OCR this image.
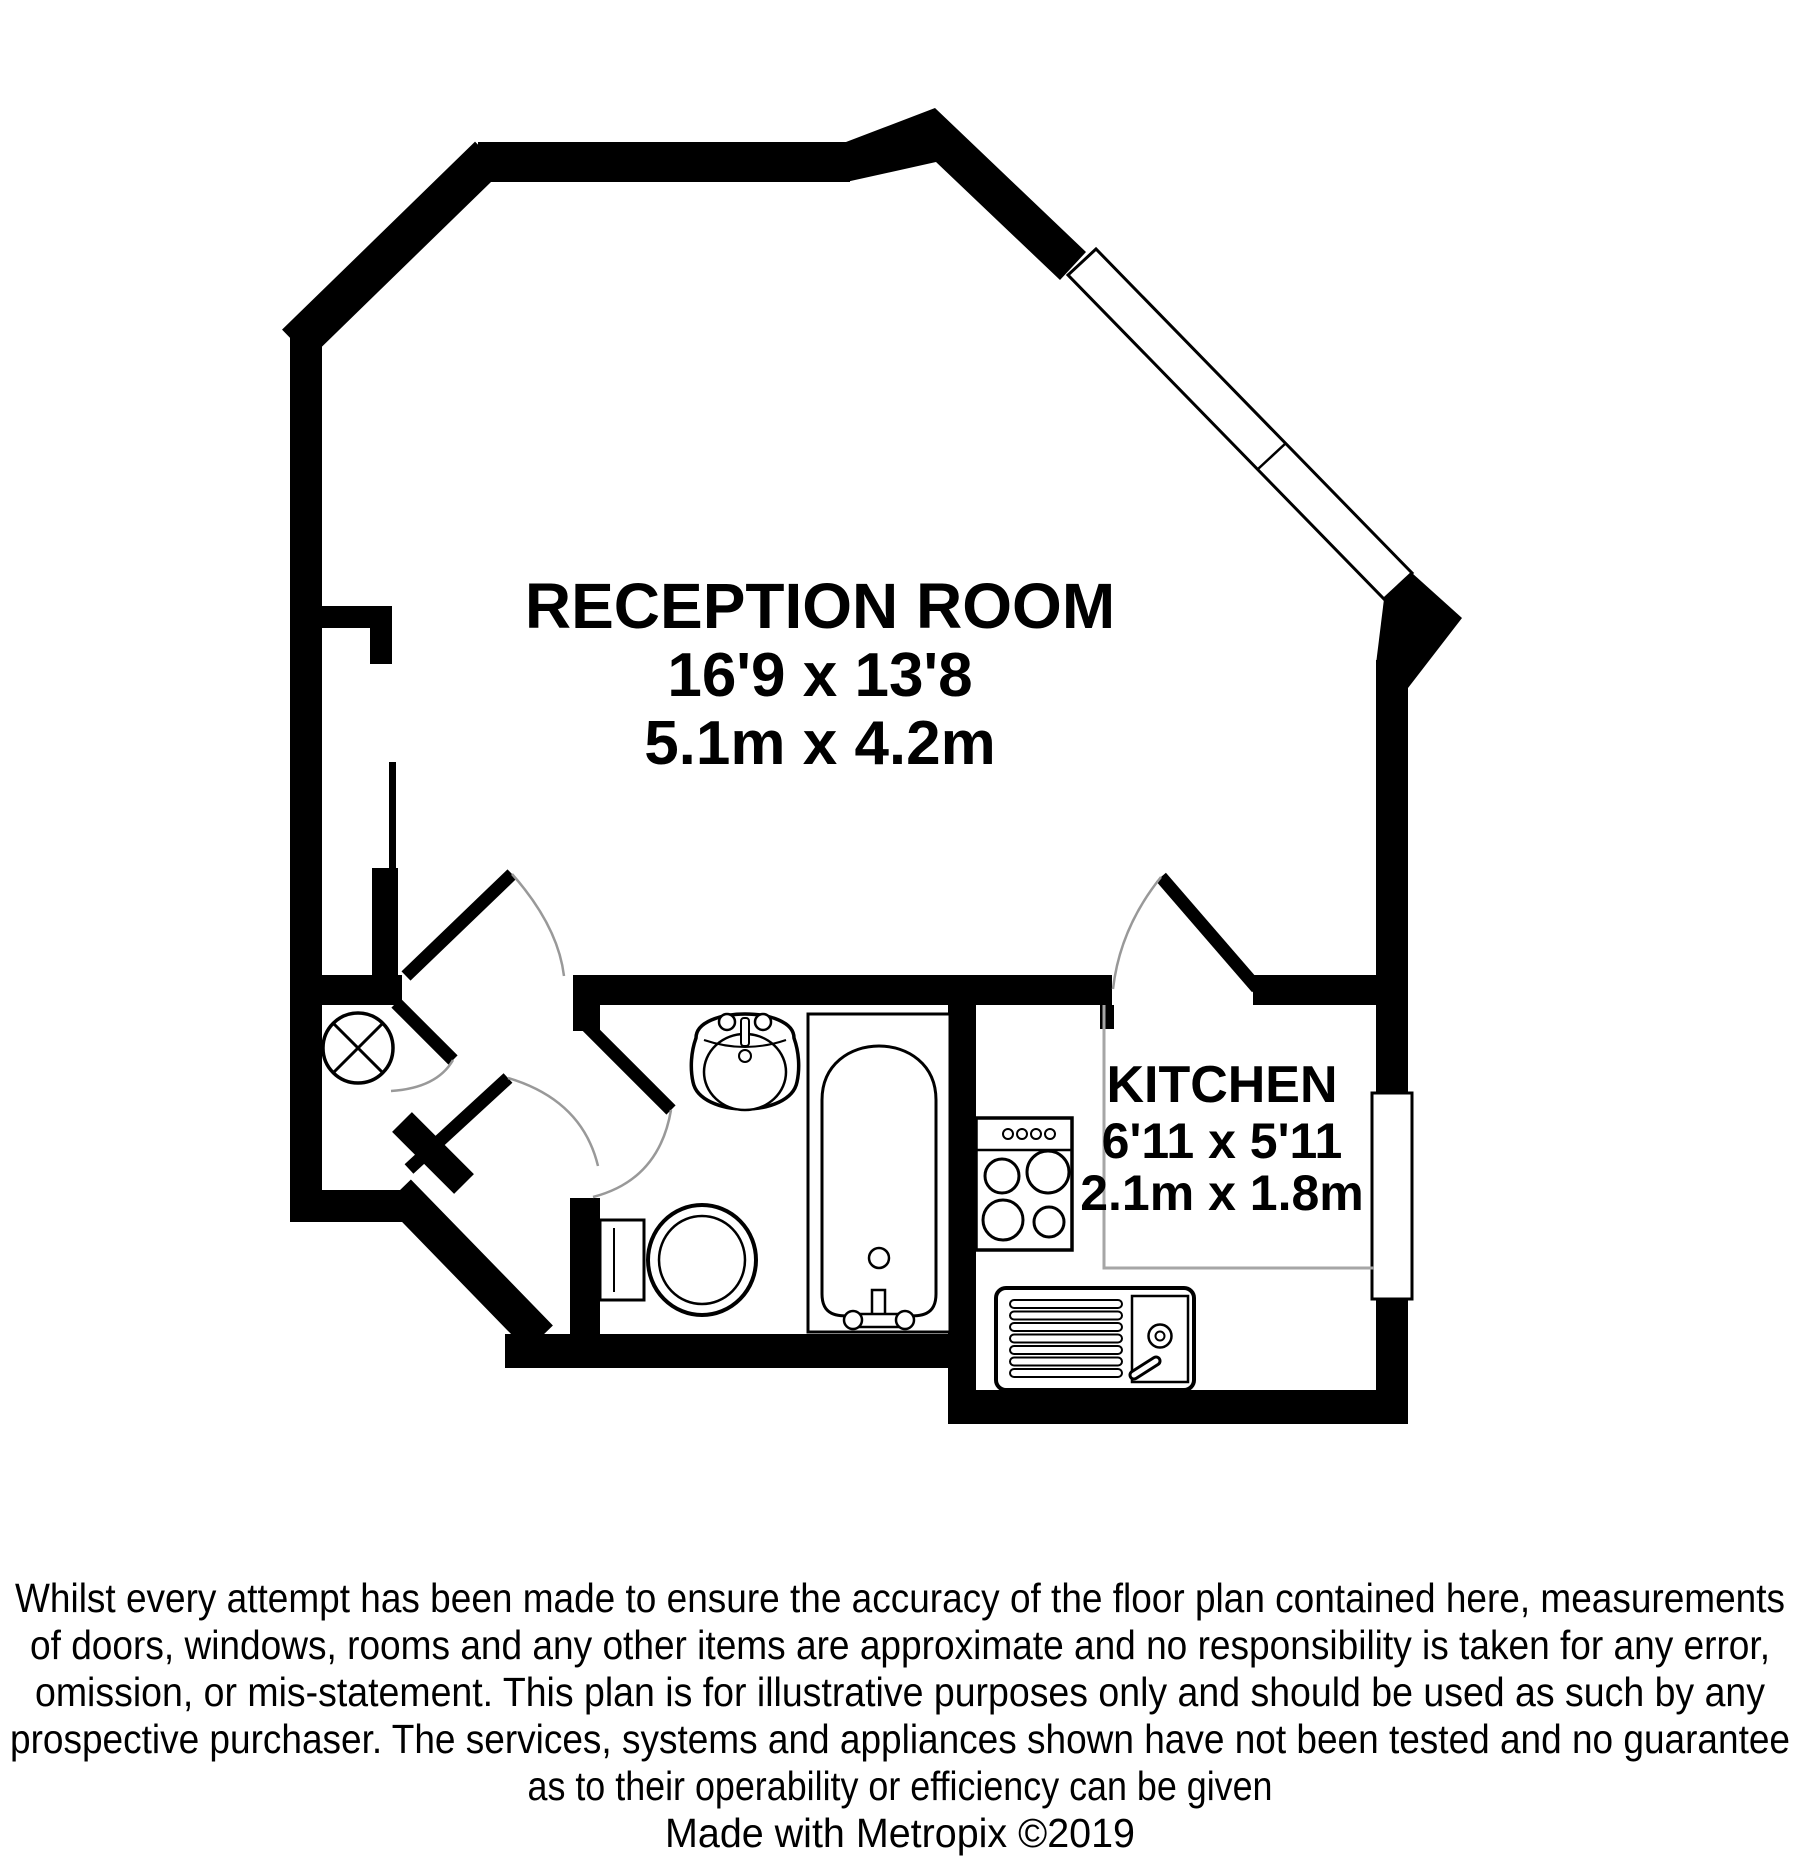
RECEPTION ROOM
16'9 x 13'8
5.1m x 4.2m
KITCHEN
6'11 x 5'11
2.1m x 1.8m
Whilst every attempt has been made to ensure the accuracy of the floor plan contained here, measurements
of doors, windows, rooms and any other items are approximate and no responsibility is taken for any error,
omission, or mis-statement. This plan is for illustrative purposes only and should be used as such by any
prospective purchaser. The services, systems and appliances shown have not been tested and no guarantee
as to their operability or efficiency can be given
Made with Metropix ©2019
